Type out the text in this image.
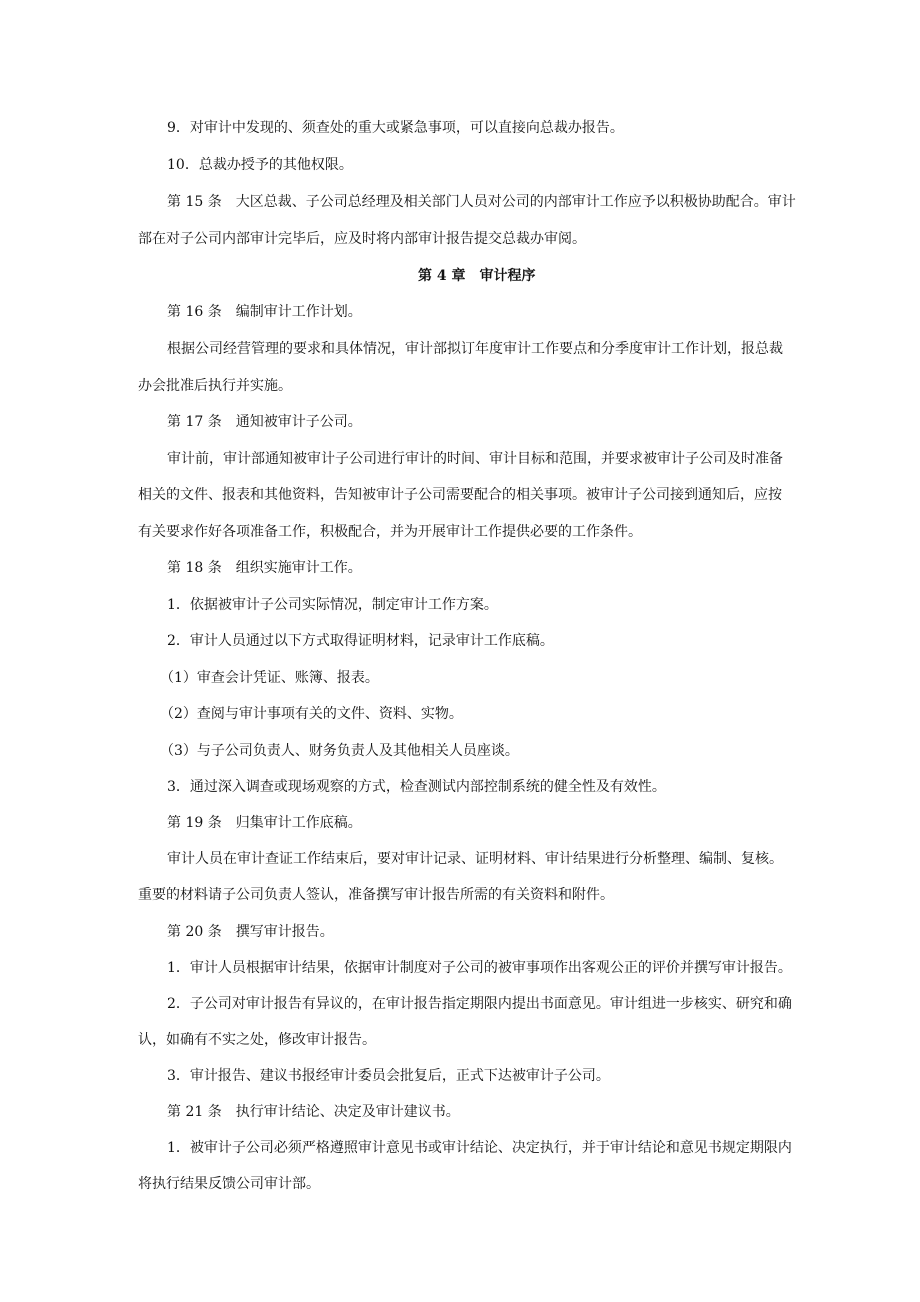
9．对审计中发现的、须查处的重大或紧急事项，可以直接向总裁办报告。
10．总裁办授予的其他权限。
第 15 条　大区总裁、子公司总经理及相关部门人员对公司的内部审计工作应予以积极协助配合。审计
部在对子公司内部审计完毕后，应及时将内部审计报告提交总裁办审阅。
第 4 章　审计程序
第 16 条　编制审计工作计划。
根据公司经营管理的要求和具体情况，审计部拟订年度审计工作要点和分季度审计工作计划，报总裁
办会批准后执行并实施。
第 17 条　通知被审计子公司。
审计前，审计部通知被审计子公司进行审计的时间、审计目标和范围，并要求被审计子公司及时准备
相关的文件、报表和其他资料，告知被审计子公司需要配合的相关事项。被审计子公司接到通知后，应按
有关要求作好各项准备工作，积极配合，并为开展审计工作提供必要的工作条件。
第 18 条　组织实施审计工作。
1．依据被审计子公司实际情况，制定审计工作方案。
2．审计人员通过以下方式取得证明材料，记录审计工作底稿。
（1）审查会计凭证、账簿、报表。
（2）查阅与审计事项有关的文件、资料、实物。
（3）与子公司负责人、财务负责人及其他相关人员座谈。
3．通过深入调查或现场观察的方式，检查测试内部控制系统的健全性及有效性。
第 19 条　归集审计工作底稿。
审计人员在审计查证工作结束后，要对审计记录、证明材料、审计结果进行分析整理、编制、复核。
重要的材料请子公司负责人签认，准备撰写审计报告所需的有关资料和附件。
第 20 条　撰写审计报告。
1．审计人员根据审计结果，依据审计制度对子公司的被审事项作出客观公正的评价并撰写审计报告。
2．子公司对审计报告有异议的，在审计报告指定期限内提出书面意见。审计组进一步核实、研究和确
认，如确有不实之处，修改审计报告。
3．审计报告、建议书报经审计委员会批复后，正式下达被审计子公司。
第 21 条　执行审计结论、决定及审计建议书。
1．被审计子公司必须严格遵照审计意见书或审计结论、决定执行，并于审计结论和意见书规定期限内
将执行结果反馈公司审计部。
